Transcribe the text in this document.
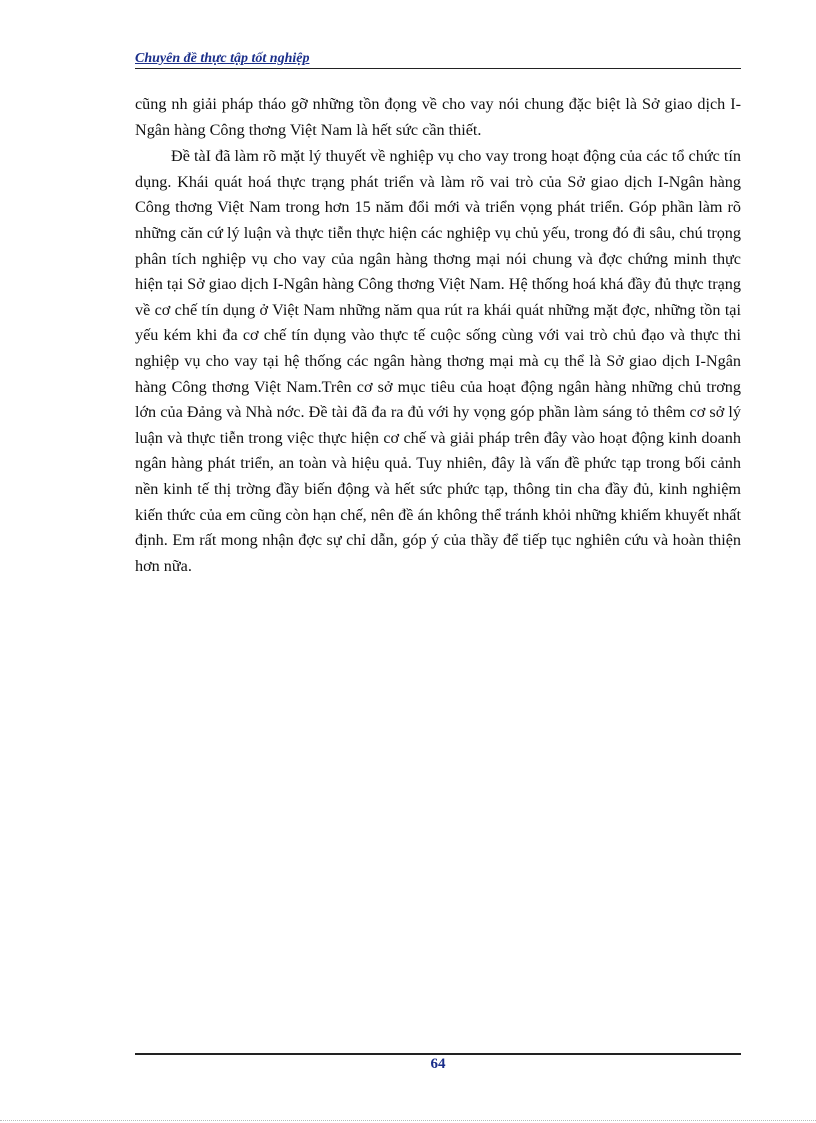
Chuyên đề thực tập tốt nghiệp

cũng nh giải pháp tháo gỡ những tồn đọng về cho vay nói chung đặc biệt là Sở giao dịch I- Ngân hàng Công thơng Việt Nam là hết sức cần thiết.

Đề tàI đã làm rõ mặt lý thuyết về nghiệp vụ cho vay trong hoạt động của các tổ chức tín dụng. Khái quát hoá thực trạng phát triển và làm rõ vai trò của Sở giao dịch I-Ngân hàng Công thơng Việt Nam trong hơn 15 năm đổi mới và triển vọng phát triển. Góp phần làm rõ những căn cứ lý luận và thực tiễn thực hiện các nghiệp vụ chủ yếu, trong đó đi sâu, chú trọng phân tích nghiệp vụ cho vay của ngân hàng thơng mại nói chung và đợc chứng minh thực hiện tại Sở giao dịch I-Ngân hàng Công thơng Việt Nam. Hệ thống hoá khá đầy đủ thực trạng về cơ chế tín dụng ở Việt Nam những năm qua rút ra khái quát những mặt đợc, những tồn tại yếu kém khi đa cơ chế tín dụng vào thực tế cuộc sống cùng với vai trò chủ đạo và thực thi nghiệp vụ cho vay tại hệ thống các ngân hàng thơng mại mà cụ thể là Sở giao dịch I-Ngân hàng Công thơng Việt Nam.Trên cơ sở mục tiêu của hoạt động ngân hàng những chủ trơng lớn của Đảng và Nhà nớc. Đề tài đã đa ra đủ với hy vọng góp phần làm sáng tỏ thêm cơ sở lý luận và thực tiễn trong việc thực hiện cơ chế và giải pháp trên đây vào hoạt động kinh doanh ngân hàng phát triển, an toàn và hiệu quả. Tuy nhiên, đây là vấn đề phức tạp trong bối cảnh nền kinh tế thị trờng đầy biến động và hết sức phức tạp, thông tin cha đầy đủ, kinh nghiệm kiến thức của em cũng còn hạn chế, nên đề án không thể tránh khỏi những khiếm khuyết nhất định. Em rất mong nhận đợc sự chỉ dẫn, góp ý của thầy để tiếp tục nghiên cứu và hoàn thiện hơn nữa.

64
